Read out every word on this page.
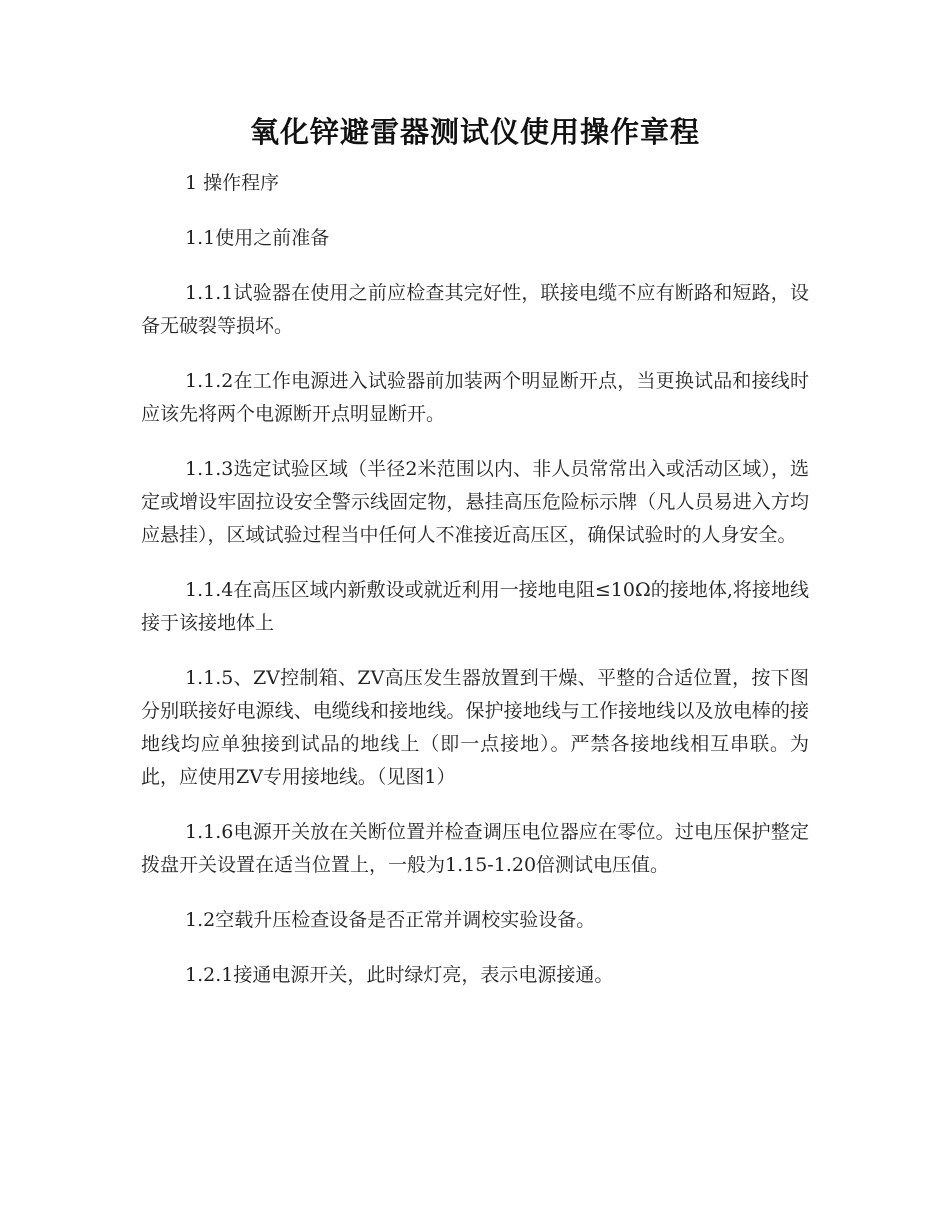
氧化锌避雷器测试仪使用操作章程

1 操作程序

1.1使用之前准备

1.1.1试验器在使用之前应检查其完好性，联接电缆不应有断路和短路，设备无破裂等损坏。

1.1.2在工作电源进入试验器前加装两个明显断开点，当更换试品和接线时应该先将两个电源断开点明显断开。

1.1.3选定试验区域（半径2米范围以内、非人员常常出入或活动区域），选定或增设牢固拉设安全警示线固定物，悬挂高压危险标示牌（凡人员易进入方均应悬挂），区域试验过程当中任何人不准接近高压区，确保试验时的人身安全。

1.1.4在高压区域内新敷设或就近利用一接地电阻≤10Ω的接地体,将接地线接于该接地体上

1.1.5、ZV控制箱、ZV高压发生器放置到干燥、平整的合适位置，按下图分别联接好电源线、电缆线和接地线。保护接地线与工作接地线以及放电棒的接地线均应单独接到试品的地线上（即一点接地）。严禁各接地线相互串联。为此，应使用ZV专用接地线。（见图1）

1.1.6电源开关放在关断位置并检查调压电位器应在零位。过电压保护整定拨盘开关设置在适当位置上，一般为1.15-1.20倍测试电压值。

1.2空载升压检查设备是否正常并调校实验设备。

1.2.1接通电源开关，此时绿灯亮，表示电源接通。
